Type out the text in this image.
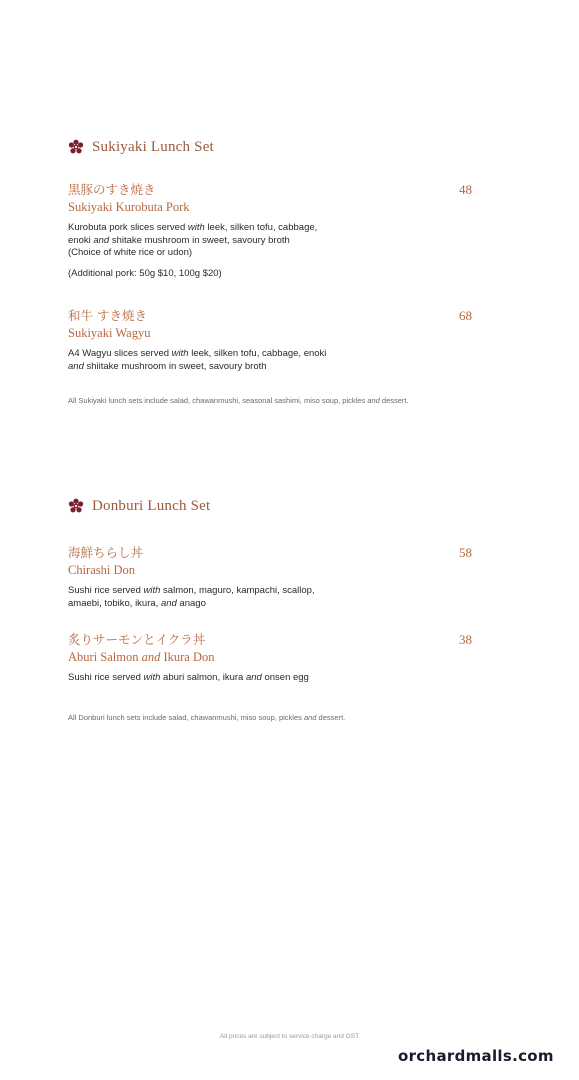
Sukiyaki Lunch Set
黒豚のすき焼き
Sukiyaki Kurobuta Pork
48
Kurobuta pork slices served with leek, silken tofu, cabbage,
enoki and shitake mushroom in sweet, savoury broth
(Choice of white rice or udon)
(Additional pork: 50g $10, 100g $20)
和牛 すき焼き
Sukiyaki Wagyu
68
A4 Wagyu slices served with leek, silken tofu, cabbage, enoki
and shiitake mushroom in sweet, savoury broth
All Sukiyaki lunch sets include salad, chawanmushi, seasonal sashimi, miso soup, pickles and dessert.
Donburi Lunch Set
海鮮ちらし丼
Chirashi Don
58
Sushi rice served with salmon, maguro, kampachi, scallop,
amaebi, tobiko, ikura, and anago
炙りサーモンとイクラ丼
Aburi Salmon and Ikura Don
38
Sushi rice served with aburi salmon, ikura and onsen egg
All Donburi lunch sets include salad, chawanmushi, miso soup, pickles and dessert.
All prices are subject to service charge and GST
orchardmalls.com
